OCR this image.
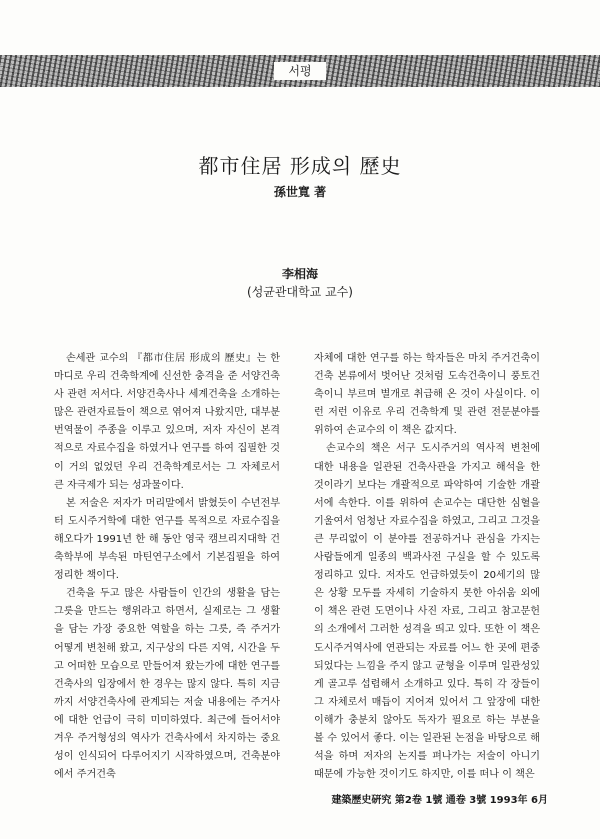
서평
都市住居 形成의 歷史
孫世寬 著
李相海
(성균관대학교 교수)

손세관 교수의 『都市住居 形成의 歷史』는 한마디로 우리 건축학계에 신선한 충격을 준 서양건축사 관련 저서다. 서양건축사나 세계건축을 소개하는 많은 관련자료들이 책으로 엮어져 나왔지만, 대부분 번역물이 주종을 이루고 있으며, 저자 자신이 본격적으로 자료수집을 하였거나 연구를 하여 집필한 것이 거의 없었던 우리 건축학계로서는 그 자체로서 큰 자극제가 되는 성과물이다.

본 저술은 저자가 머리말에서 밝혔듯이 수년전부터 도시주거학에 대한 연구를 목적으로 자료수집을 해오다가 1991년 한 해 동안 영국 캠브리지대학 건축학부에 부속된 마틴연구소에서 기본집필을 하여 정리한 책이다.

건축을 두고 많은 사람들이 인간의 생활을 담는 그릇을 만드는 행위라고 하면서, 실제로는 그 생활을 담는 가장 중요한 역할을 하는 그릇, 즉 주거가 어떻게 변천해 왔고, 지구상의 다른 지역, 시간을 두고 어떠한 모습으로 만들어져 왔는가에 대한 연구를 건축사의 입장에서 한 경우는 많지 않다. 특히 지금까지 서양건축사에 관계되는 저술 내용에는 주거사에 대한 언급이 극히 미미하였다. 최근에 들어서야 겨우 주거형성의 역사가 건축사에서 차지하는 중요성이 인식되어 다루어지기 시작하였으며, 건축분야에서 주거건축

자체에 대한 연구를 하는 학자들은 마치 주거건축이 건축 본류에서 벗어난 것처럼 도속건축이니 풍토건축이니 부르며 별개로 취급해 온 것이 사실이다. 이런 저런 이유로 우리 건축학계 및 관련 전문분야를 위하여 손교수의 이 책은 값지다.

손교수의 책은 서구 도시주거의 역사적 변천에 대한 내용을 일관된 건축사관을 가지고 해석을 한 것이라기 보다는 개괄적으로 파악하여 기술한 개괄서에 속한다. 이를 위하여 손교수는 대단한 심혈을 기울여서 엄청난 자료수집을 하였고, 그리고 그것을 큰 무리없이 이 분야를 전공하거나 관심을 가지는 사람들에게 일종의 백과사전 구실을 할 수 있도록 정리하고 있다. 저자도 언급하였듯이 20세기의 많은 상황 모두를 자세히 기술하지 못한 아쉬움 외에 이 책은 관련 도면이나 사진 자료, 그리고 참고문헌의 소개에서 그러한 성격을 띄고 있다. 또한 이 책은 도시주거역사에 연관되는 자료를 어느 한 곳에 편중되었다는 느낌을 주지 않고 균형을 이루며 일관성있게 골고루 섭렵해서 소개하고 있다. 특히 각 장들이 그 자체로서 매듭이 지어져 있어서 그 앞장에 대한 이해가 충분치 않아도 독자가 필요로 하는 부분을 볼 수 있어서 좋다. 이는 일관된 논점을 바탕으로 해석을 하며 저자의 논지를 펴나가는 저술이 아니기 때문에 가능한 것이기도 하지만, 이를 떠나 이 책은

建築歷史硏究 第2卷 1號 通卷 3號 1993年 6月
